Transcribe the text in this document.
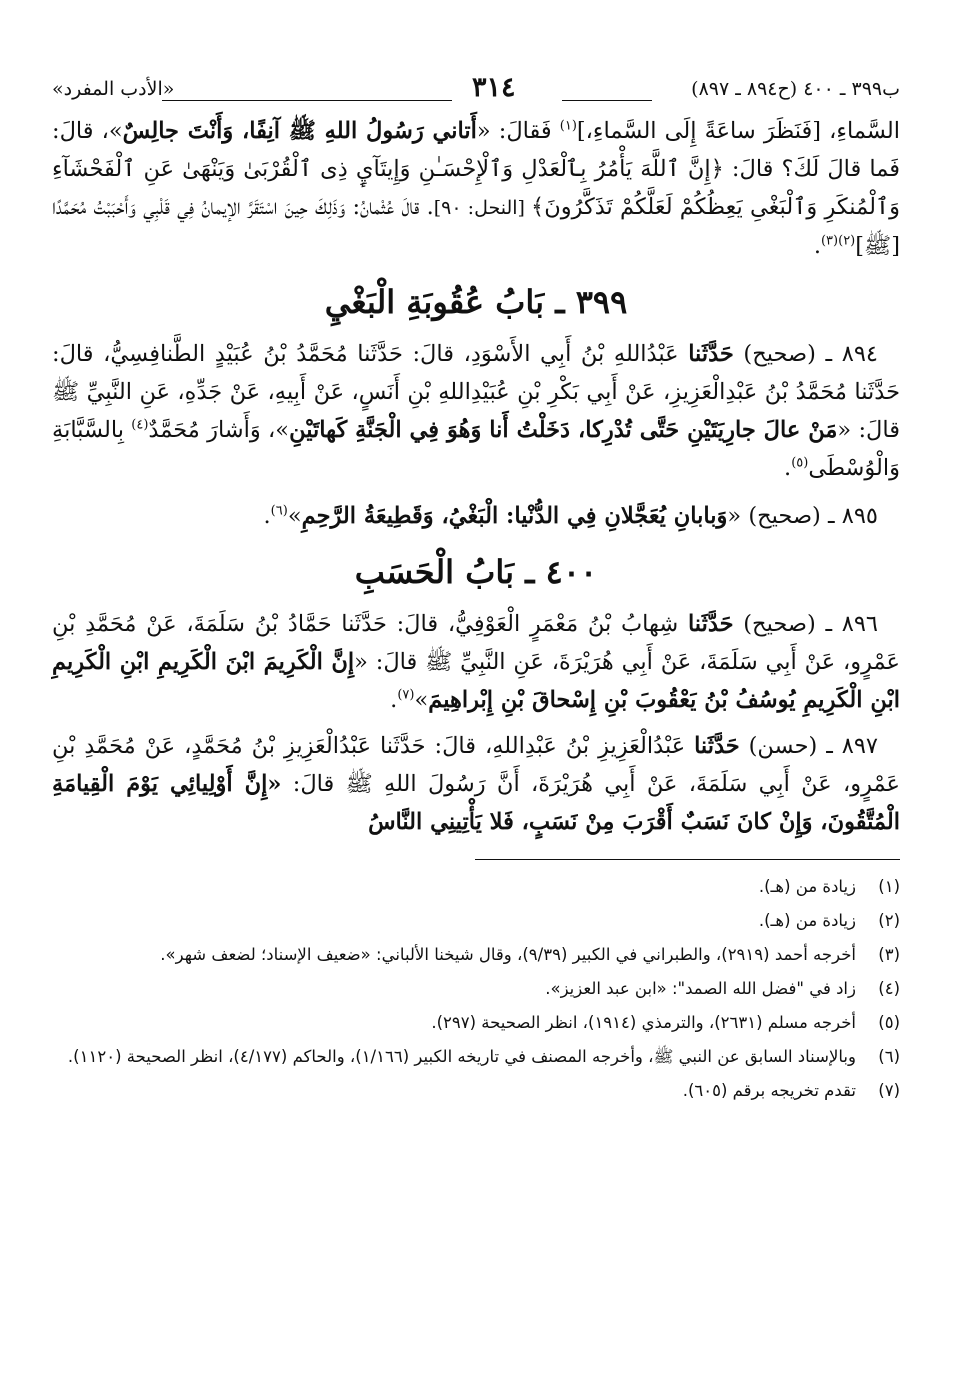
ب٣٩٩ ـ ٤٠٠ (ح٨٩٤ ـ ٨٩٧)
٣١٤
«الأدب المفرد»

السَّماءِ، [فَنَظَرَ ساعَةً إِلَى السَّماءِ،]$^{(١)}$ فَقالَ: «أَتاني رَسُولُ اللهِ ﷺ آنِفًا، وَأَنْتَ جالِسٌ»، قالَ: فَما قالَ لَكَ؟ قالَ: ﴿إِنَّ ٱللَّهَ يَأْمُرُ بِٱلْعَدْلِ وَٱلْإِحْسَـٰنِ وَإِيتَآيِٕ ذِى ٱلْقُرْبَىٰ وَيَنْهَىٰ عَنِ ٱلْفَحْشَآءِ وَٱلْمُنكَرِ وَٱلْبَغْىِ يَعِظُكُمْ لَعَلَّكُمْ تَذَكَّرُونَ﴾ [النحل: ٩٠]. قالَ عُثْمانُ: وَذَلِكَ حِينَ اسْتَقَرَّ الإيمانُ فِي قَلْبِي وَأَحْبَبْتُ مُحَمَّدًا [ﷺ]$^{(٢)(٣)}$.

٣٩٩ ـ بَابُ عُقُوبَةِ الْبَغْيِ

٨٩٤ ـ (صحيح) حَدَّثَنا عَبْدُاللهِ بْنُ أَبِي الأَسْوَدِ، قالَ: حَدَّثَنا مُحَمَّدُ بْنُ عُبَيْدٍ الطَّنافِسِيُّ، قالَ: حَدَّثَنا مُحَمَّدُ بْنُ عَبْدِالْعَزِيزِ، عَنْ أَبِي بَكْرِ بْنِ عُبَيْدِاللهِ بْنِ أَنَسٍ، عَنْ أَبِيهِ، عَنْ جَدِّهِ، عَنِ النَّبِيِّ ﷺ قالَ: «مَنْ عالَ جارِيَتَيْنِ حَتَّى تُدْرِكا، دَخَلْتُ أَنا وَهُوَ فِي الْجَنَّةِ كَهاتَيْنِ»، وَأَشارَ مُحَمَّدٌ$^{(٤)}$ بِالسَّبَّابَةِ وَالْوُسْطَى$^{(٥)}$.

٨٩٥ ـ (صحيح) «وَبابانِ يُعَجَّلانِ فِي الدُّنْيا: الْبَغْيُ، وَقَطِيعَةُ الرَّحِمِ»$^{(٦)}$.

٤٠٠ ـ بَابُ الْحَسَبِ

٨٩٦ ـ (صحيح) حَدَّثَنا شِهابُ بْنُ مَعْمَرٍ الْعَوْفِيُّ، قالَ: حَدَّثَنا حَمَّادُ بْنُ سَلَمَةَ، عَنْ مُحَمَّدِ بْنِ عَمْرٍو، عَنْ أَبِي سَلَمَةَ، عَنْ أَبِي هُرَيْرَةَ، عَنِ النَّبِيِّ ﷺ قالَ: «إِنَّ الْكَرِيمَ ابْنَ الْكَرِيمِ ابْنِ الْكَرِيمِ ابْنِ الْكَرِيمِ يُوسُفُ بْنُ يَعْقُوبَ بْنِ إِسْحاقَ بْنِ إِبْراهِيمَ»$^{(٧)}$.

٨٩٧ ـ (حسن) حَدَّثَنا عَبْدُالْعَزِيزِ بْنُ عَبْدِاللهِ، قالَ: حَدَّثَنا عَبْدُالْعَزِيزِ بْنُ مُحَمَّدٍ، عَنْ مُحَمَّدِ بْنِ عَمْرٍو، عَنْ أَبِي سَلَمَةَ، عَنْ أَبِي هُرَيْرَةَ، أَنَّ رَسُولَ اللهِ ﷺ قالَ: «إِنَّ أَوْلِيائِي يَوْمَ الْقِيامَةِ الْمُتَّقُونَ، وَإِنْ كانَ نَسَبٌ أَقْرَبَ مِنْ نَسَبٍ، فَلا يَأْتِينِي النَّاسُ

(١)
زيادة من (هـ).
(٢)
زيادة من (هـ).
(٣)
أخرجه أحمد (٢٩١٩)، والطبراني في الكبير (٩/٣٩)، وقال شيخنا الألباني: «ضعيف الإسناد؛ لضعف شهر».
(٤)
زاد في "فضل الله الصمد": «ابن عبد العزيز».
(٥)
أخرجه مسلم (٢٦٣١)، والترمذي (١٩١٤)، انظر الصحيحة (٢٩٧).
(٦)
وبالإسناد السابق عن النبي ﷺ، وأخرجه المصنف في تاريخه الكبير (١/١٦٦)، والحاكم (٤/١٧٧)، انظر الصحيحة (١١٢٠).
(٧)
تقدم تخريجه برقم (٦٠٥).
